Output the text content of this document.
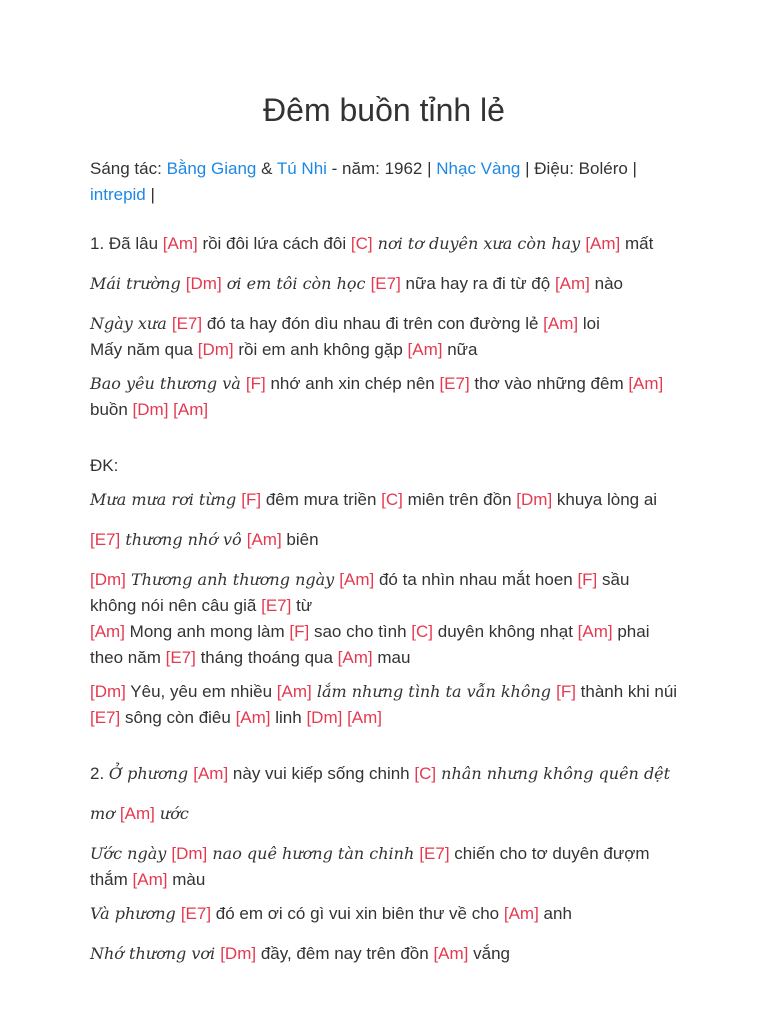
Đêm buồn tỉnh lẻ
Sáng tác: Bằng Giang & Tú Nhi - năm: 1962 | Nhạc Vàng | Điệu: Boléro | intrepid |
1. Đã lâu [Am] rồi đôi lứa cách đôi [C] nơi tơ duyên xưa còn hay [Am] mất
Mái trường [Dm] ơi em tôi còn học [E7] nữa hay ra đi từ độ [Am] nào
Ngày xưa [E7] đó ta hay đón dìu nhau đi trên con đường lẻ [Am] loi
Mấy năm qua [Dm] rồi em anh không gặp [Am] nữa
Bao yêu thương và [F] nhớ anh xin chép nên [E7] thơ vào những đêm [Am]
buồn [Dm] [Am]
ĐK:
Mưa mưa rơi từng [F] đêm mưa triền [C] miên trên đồn [Dm] khuya lòng ai
[E7] thương nhớ vô [Am] biên
[Dm] Thương anh thương ngày [Am] đó ta nhìn nhau mắt hoen [F] sầu
không nói nên câu giã [E7] từ
[Am] Mong anh mong làm [F] sao cho tình [C] duyên không nhạt [Am] phai
theo năm [E7] tháng thoáng qua [Am] mau
[Dm] Yêu, yêu em nhiều [Am] lắm nhưng tình ta vẫn không [F] thành khi núi
[E7] sông còn điêu [Am] linh [Dm] [Am]
2. Ở phương [Am] này vui kiếp sống chinh [C] nhân nhưng không quên dệt
mơ [Am] ước
Ước ngày [Dm] nao quê hương tàn chinh [E7] chiến cho tơ duyên đượm
thắm [Am] màu
Và phương [E7] đó em ơi có gì vui xin biên thư về cho [Am] anh
Nhớ thương vơi [Dm] đầy, đêm nay trên đồn [Am] vắng
